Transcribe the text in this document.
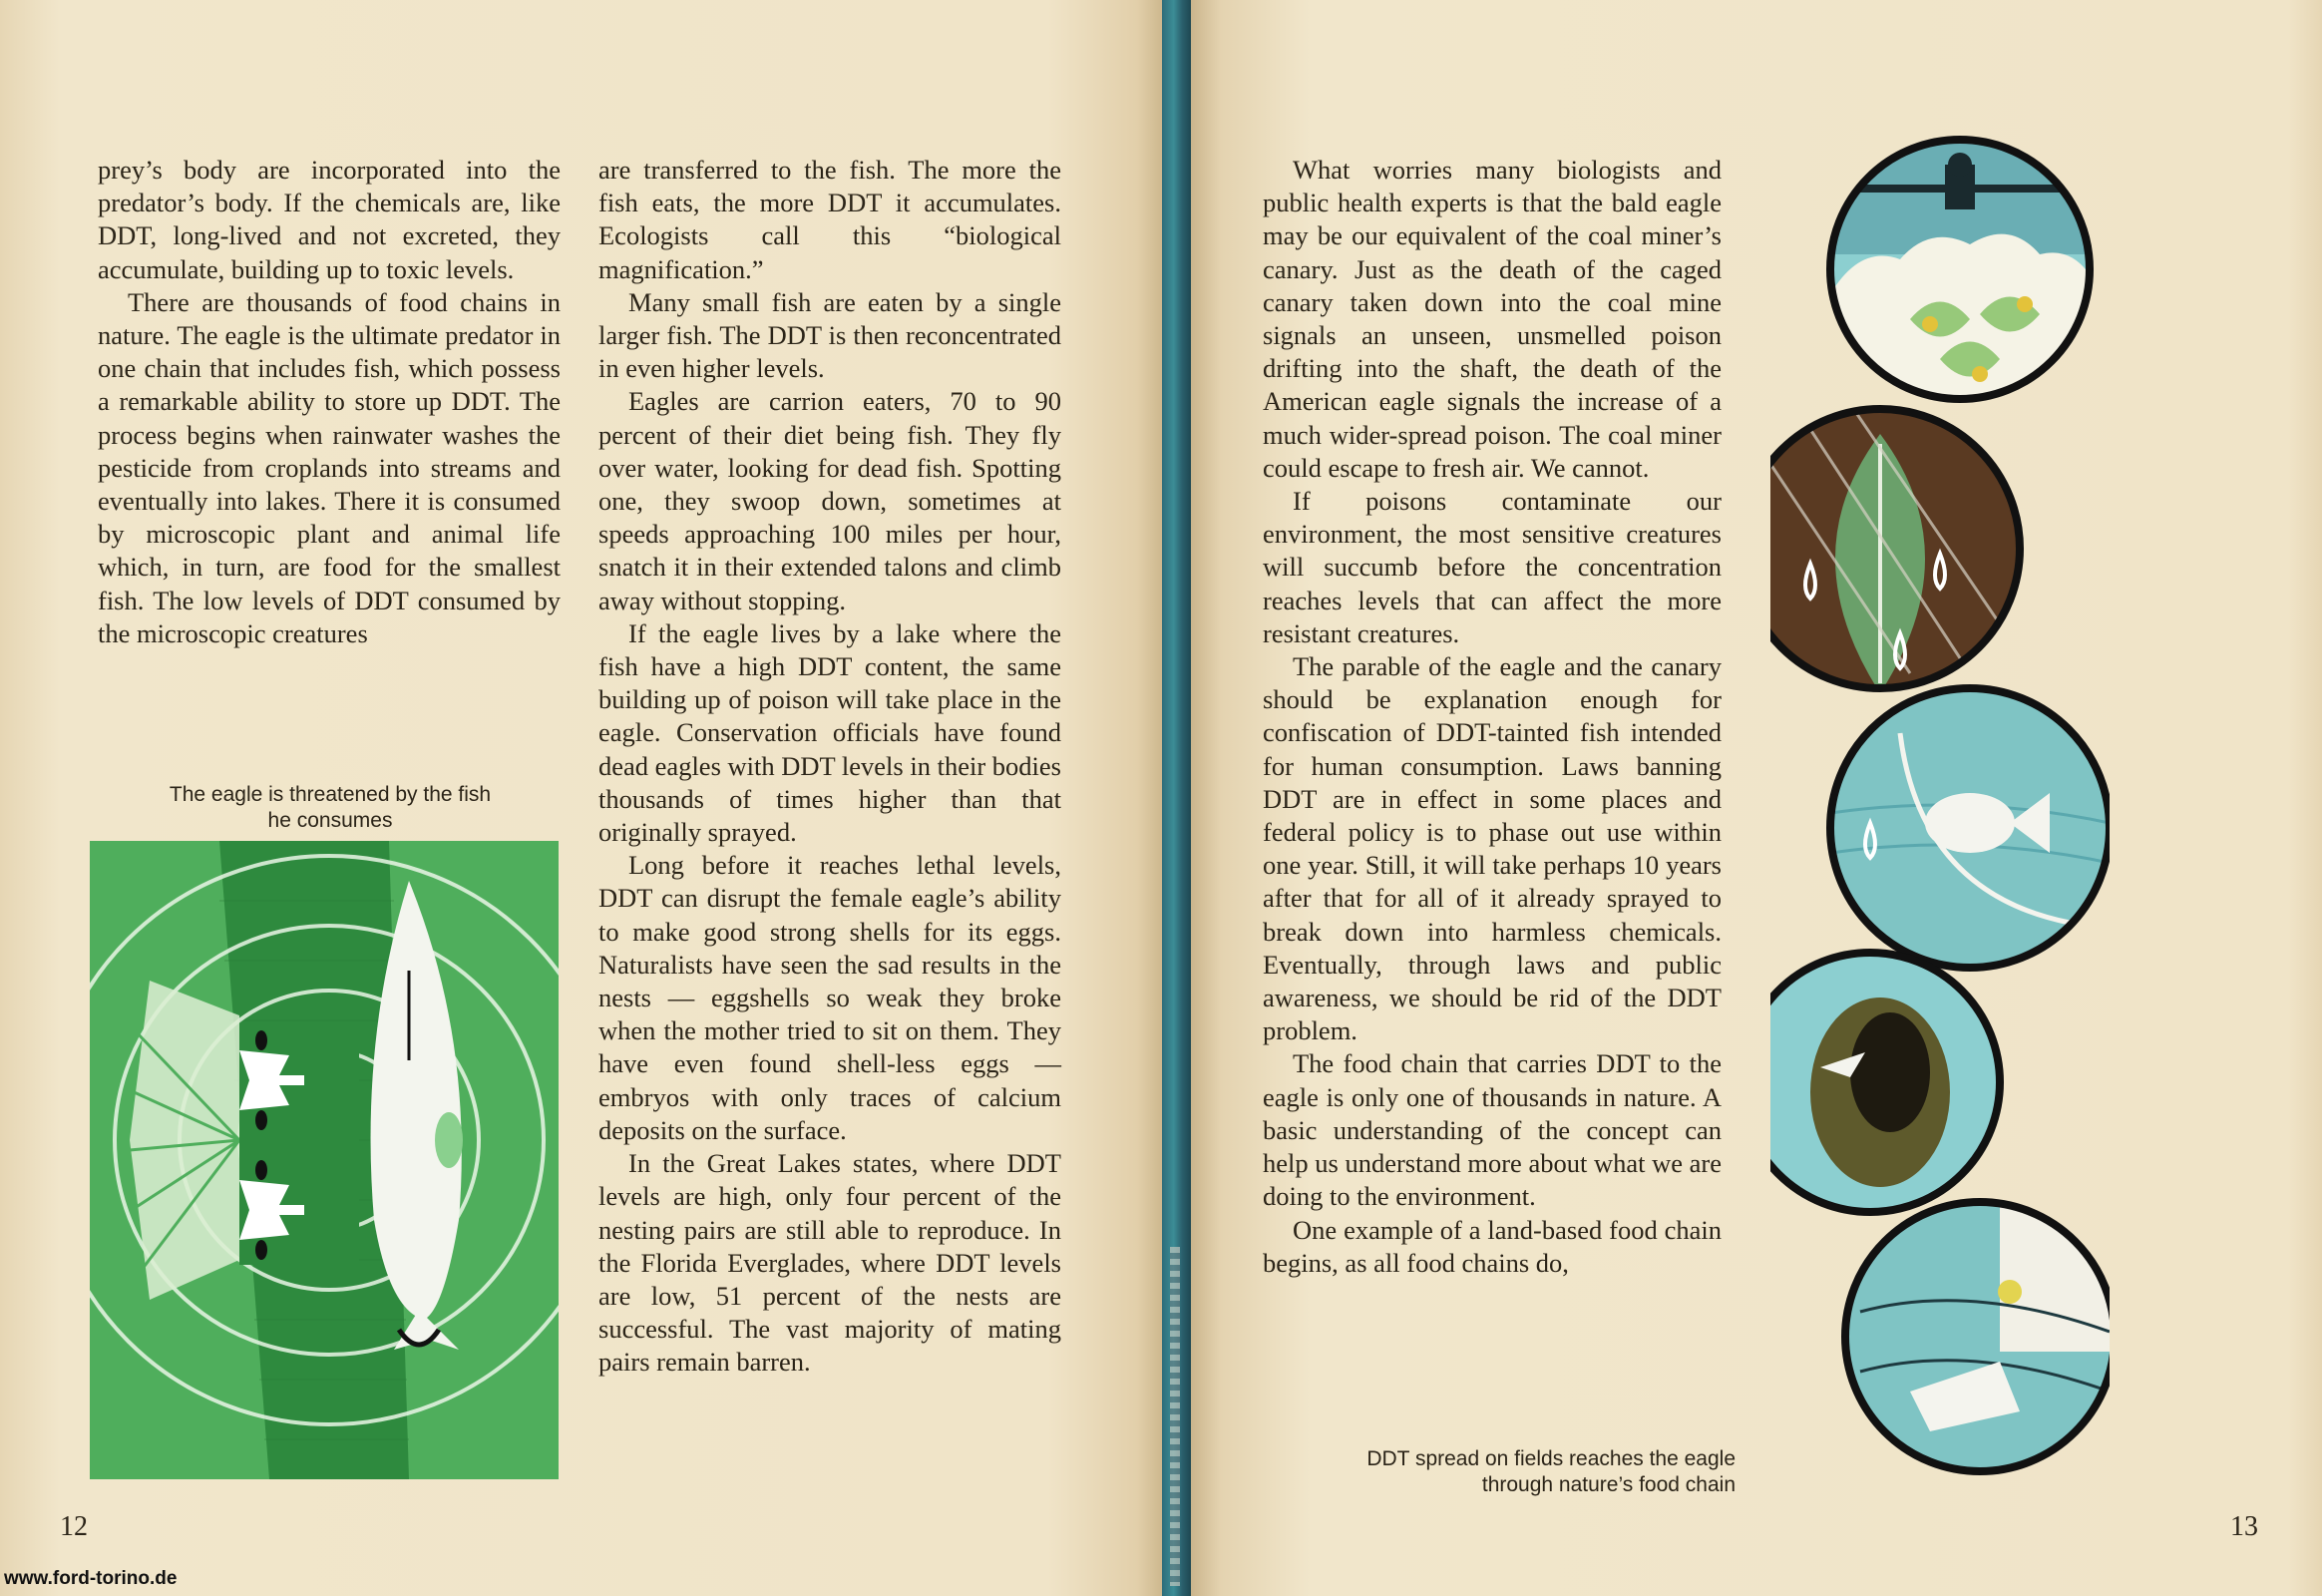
prey’s body are incorporated into the predator’s body. If the chemicals are, like DDT, long-lived and not excreted, they accumulate, building up to toxic levels.

There are thousands of food chains in nature. The eagle is the ultimate predator in one chain that includes fish, which possess a remarkable ability to store up DDT. The process begins when rainwater washes the pesticide from croplands into streams and eventually into lakes. There it is consumed by microscopic plant and animal life which, in turn, are food for the smallest fish. The low levels of DDT consumed by the microscopic creatures

The eagle is threatened by the fish
he consumes

are transferred to the fish. The more the fish eats, the more DDT it accumulates. Ecologists call this “biological magnification.”

Many small fish are eaten by a single larger fish. The DDT is then reconcentrated in even higher levels.

Eagles are carrion eaters, 70 to 90 percent of their diet being fish. They fly over water, looking for dead fish. Spotting one, they swoop down, sometimes at speeds approaching 100 miles per hour, snatch it in their extended talons and climb away without stopping.

If the eagle lives by a lake where the fish have a high DDT content, the same building up of poison will take place in the eagle. Conservation officials have found dead eagles with DDT levels in their bodies thousands of times higher than that originally sprayed.

Long before it reaches lethal levels, DDT can disrupt the female eagle’s ability to make good strong shells for its eggs. Naturalists have seen the sad results in the nests — eggshells so weak they broke when the mother tried to sit on them. They have even found shell-less eggs — embryos with only traces of calcium deposits on the surface.

In the Great Lakes states, where DDT levels are high, only four percent of the nesting pairs are still able to reproduce. In the Florida Everglades, where DDT levels are low, 51 percent of the nests are successful. The vast majority of mating pairs remain barren.

12

What worries many biologists and public health experts is that the bald eagle may be our equivalent of the coal miner’s canary. Just as the death of the caged canary taken down into the coal mine signals an unseen, unsmelled poison drifting into the shaft, the death of the American eagle signals the increase of a much wider-spread poison. The coal miner could escape to fresh air. We cannot.

If poisons contaminate our environment, the most sensitive creatures will succumb before the concentration reaches levels that can affect the more resistant creatures.

The parable of the eagle and the canary should be explanation enough for confiscation of DDT-tainted fish intended for human consumption. Laws banning DDT are in effect in some places and federal policy is to phase out use within one year. Still, it will take perhaps 10 years after that for all of it already sprayed to break down into harmless chemicals. Eventually, through laws and public awareness, we should be rid of the DDT problem.

The food chain that carries DDT to the eagle is only one of thousands in nature. A basic understanding of the concept can help us understand more about what we are doing to the environment.

One example of a land-based food chain begins, as all food chains do,

DDT spread on fields reaches the eagle
through nature’s food chain
13
www.ford-torino.de
